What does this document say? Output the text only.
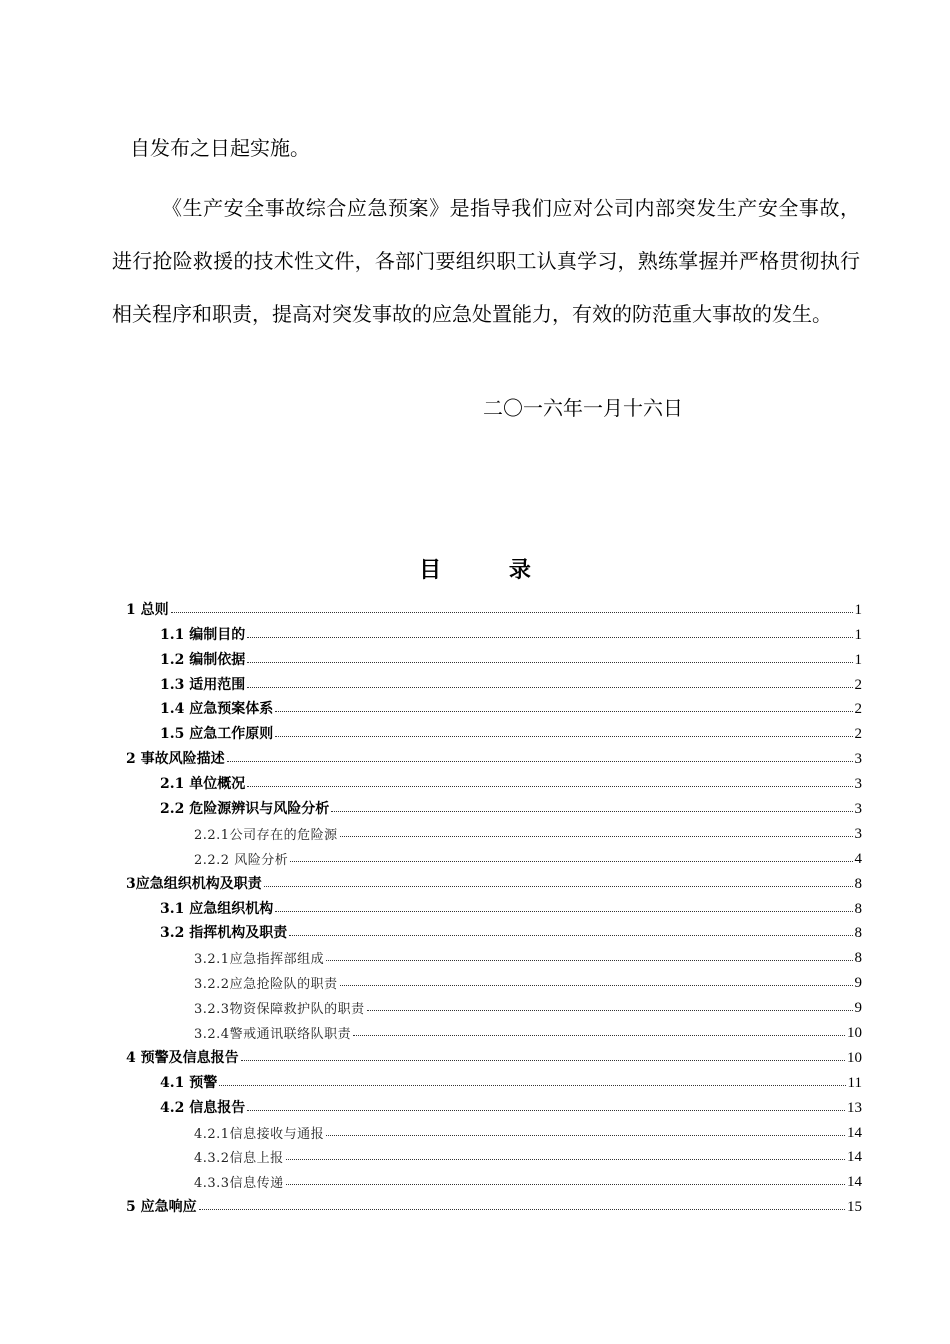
自发布之日起实施。
《生产安全事故综合应急预案》是指导我们应对公司内部突发生产安全事故，进行抢险救援的技术性文件，各部门要组织职工认真学习，熟练掌握并严格贯彻执行相关程序和职责，提高对突发事故的应急处置能力，有效的防范重大事故的发生。
二〇一六年一月十六日
目	录
1 总则	1
1.1 编制目的	1
1.2 编制依据	1
1.3 适用范围	2
1.4 应急预案体系	2
1.5 应急工作原则	2
2 事故风险描述	3
2.1 单位概况	3
2.2 危险源辨识与风险分析	3
2.2.1公司存在的危险源	3
2.2.2 风险分析	4
3应急组织机构及职责	8
3.1 应急组织机构	8
3.2 指挥机构及职责	8
3.2.1应急指挥部组成	8
3.2.2应急抢险队的职责	9
3.2.3物资保障救护队的职责	9
3.2.4警戒通讯联络队职责	10
4 预警及信息报告	10
4.1 预警	11
4.2 信息报告	13
4.2.1信息接收与通报	14
4.3.2信息上报	14
4.3.3信息传递	14
5 应急响应	15
